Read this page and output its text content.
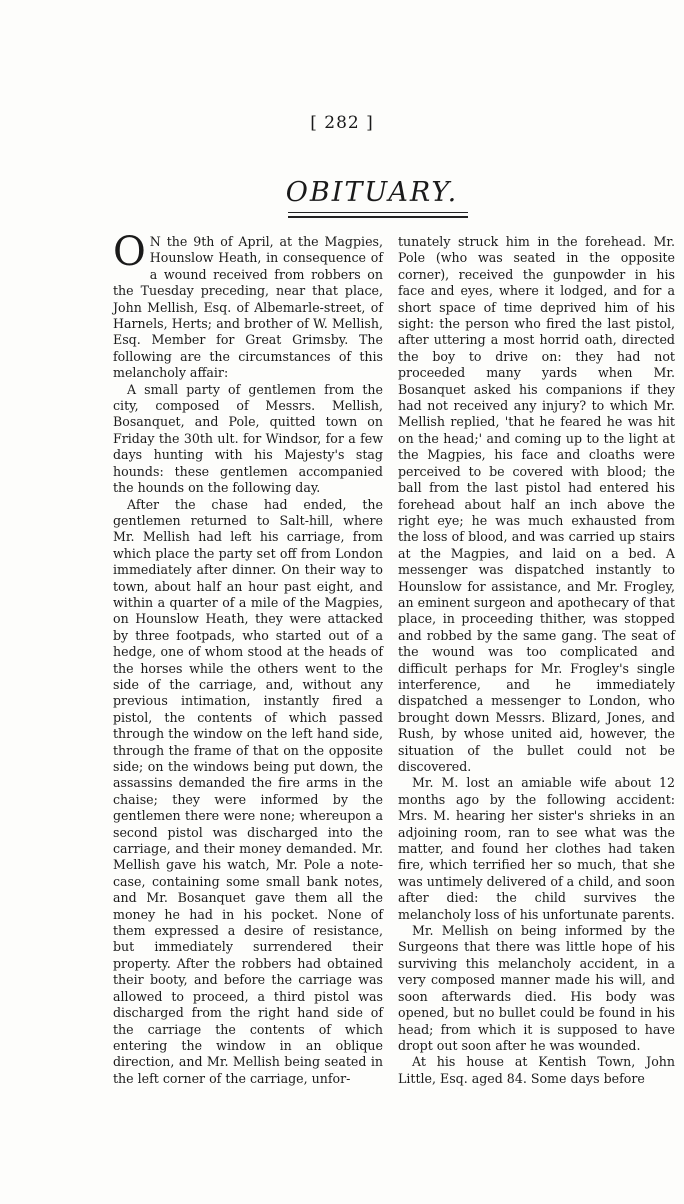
[ 282 ]
OBITUARY.

O N the 9th of April, at the Magpies, Hounslow Heath, in consequence of a wound received from robbers on the Tuesday preceding, near that place, John Mellish, Esq. of Albemarle-street, of Harnels, Herts; and brother of W. Mellish, Esq. Member for Great Grimsby. The following are the circumstances of this melancholy affair:

A small party of gentlemen from the city, composed of Messrs. Mellish, Bosanquet, and Pole, quitted town on Friday the 30th ult. for Windsor, for a few days hunting with his Majesty's stag hounds: these gentlemen accompanied the hounds on the following day.

After the chase had ended, the gentlemen returned to Salt-hill, where Mr. Mellish had left his carriage, from which place the party set off from London immediately after dinner. On their way to town, about half an hour past eight, and within a quarter of a mile of the Magpies, on Hounslow Heath, they were attacked by three footpads, who started out of a hedge, one of whom stood at the heads of the horses while the others went to the side of the carriage, and, without any previous intimation, instantly fired a pistol, the contents of which passed through the window on the left hand side, through the frame of that on the opposite side; on the windows being put down, the assassins demanded the fire arms in the chaise; they were informed by the gentlemen there were none; whereupon a second pistol was discharged into the carriage, and their money demanded. Mr. Mellish gave his watch, Mr. Pole a note-case, containing some small bank notes, and Mr. Bosanquet gave them all the money he had in his pocket. None of them expressed a desire of resistance, but immediately surrendered their property. After the robbers had obtained their booty, and before the carriage was allowed to proceed, a third pistol was discharged from the right hand side of the carriage the contents of which entering the window in an oblique direction, and Mr. Mellish being seated in the left corner of the carriage, unfor-

tunately struck him in the forehead. Mr. Pole (who was seated in the opposite corner), received the gunpowder in his face and eyes, where it lodged, and for a short space of time deprived him of his sight: the person who fired the last pistol, after uttering a most horrid oath, directed the boy to drive on: they had not proceeded many yards when Mr. Bosanquet asked his companions if they had not received any injury? to which Mr. Mellish replied, 'that he feared he was hit on the head;' and coming up to the light at the Magpies, his face and cloaths were perceived to be covered with blood; the ball from the last pistol had entered his forehead about half an inch above the right eye; he was much exhausted from the loss of blood, and was carried up stairs at the Magpies, and laid on a bed. A messenger was dispatched instantly to Hounslow for assistance, and Mr. Frogley, an eminent surgeon and apothecary of that place, in proceeding thither, was stopped and robbed by the same gang. The seat of the wound was too complicated and difficult perhaps for Mr. Frogley's single interference, and he immediately dispatched a messenger to London, who brought down Messrs. Blizard, Jones, and Rush, by whose united aid, however, the situation of the bullet could not be discovered.

Mr. M. lost an amiable wife about 12 months ago by the following accident: Mrs. M. hearing her sister's shrieks in an adjoining room, ran to see what was the matter, and found her clothes had taken fire, which terrified her so much, that she was untimely delivered of a child, and soon after died: the child survives the melancholy loss of his unfortunate parents.

Mr. Mellish on being informed by the Surgeons that there was little hope of his surviving this melancholy accident, in a very composed manner made his will, and soon afterwards died. His body was opened, but no bullet could be found in his head; from which it is supposed to have dropt out soon after he was wounded.

At his house at Kentish Town, John Little, Esq. aged 84. Some days before
